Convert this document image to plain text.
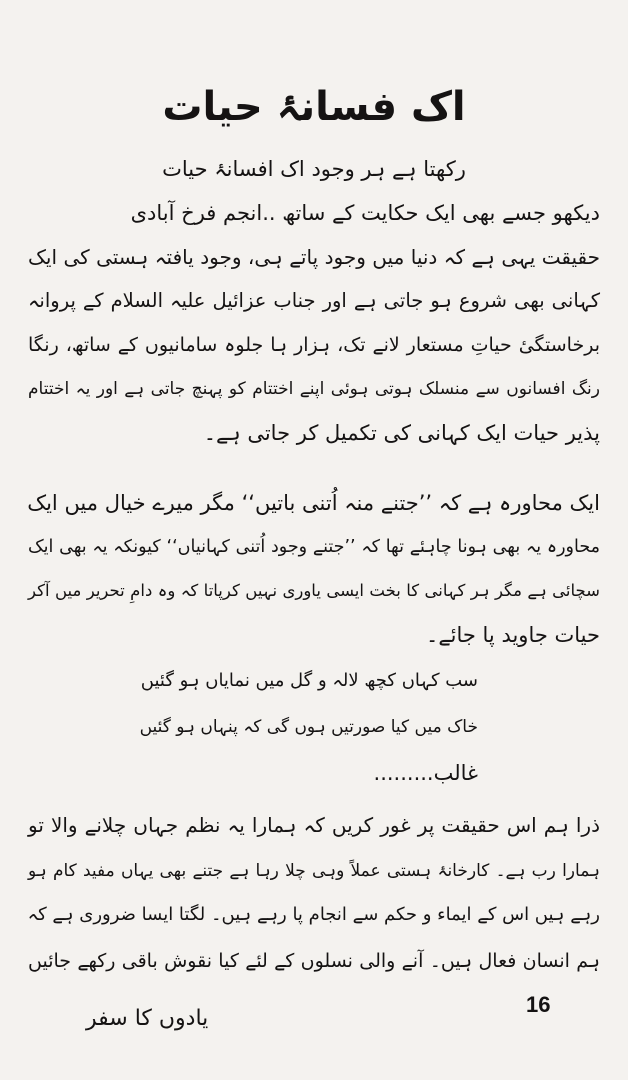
اک فسانۂ حیات
رکھتا ہے ہر وجود اک افسانۂ حیات
دیکھو جسے بھی ایک حکایت کے ساتھ ..انجم فرخ آبادی
حقیقت یہی ہے کہ دنیا میں وجود پاتے ہی، وجود یافتہ ہستی کی ایک
کہانی بھی شروع ہو جاتی ہے اور جناب عزائیل علیہ السلام کے پروانہ
برخاستگیٔ حیاتِ مستعار لانے تک، ہزار ہا جلوہ سامانیوں کے ساتھ، رنگا
رنگ افسانوں سے منسلک ہوتی ہوئی اپنے اختتام کو پہنچ جاتی ہے اور یہ اختتام
پذیر حیات ایک کہانی کی تکمیل کر جاتی ہے۔
ایک محاورہ ہے کہ ’’جتنے منہ اُتنی باتیں‘‘ مگر میرے خیال میں ایک
محاورہ یہ بھی ہونا چاہئے تھا کہ ’’جتنے وجود اُتنی کہانیاں‘‘ کیونکہ یہ بھی ایک
سچائی ہے مگر ہر کہانی کا بخت ایسی یاوری نہیں کرپاتا کہ وہ دامِ تحریر میں آکر
حیات جاوید پا جائے۔
سب کہاں کچھ لالہ و گل میں نمایاں ہو گئیں
خاک میں کیا صورتیں ہوں گی کہ پنہاں ہو گئیں
غالب.........
ذرا ہم اس حقیقت پر غور کریں کہ ہمارا یہ نظم جہاں چلانے والا تو
ہمارا رب ہے۔ کارخانۂ ہستی عملاً وہی چلا رہا ہے جتنے بھی یہاں مفید کام ہو
رہے ہیں اس کے ایماء و حکم سے انجام پا رہے ہیں۔ لگتا ایسا ضروری ہے کہ
ہم انسان فعال ہیں۔ آنے والی نسلوں کے لئے کیا نقوش باقی رکھے جائیں
16
یادوں کا سفر
